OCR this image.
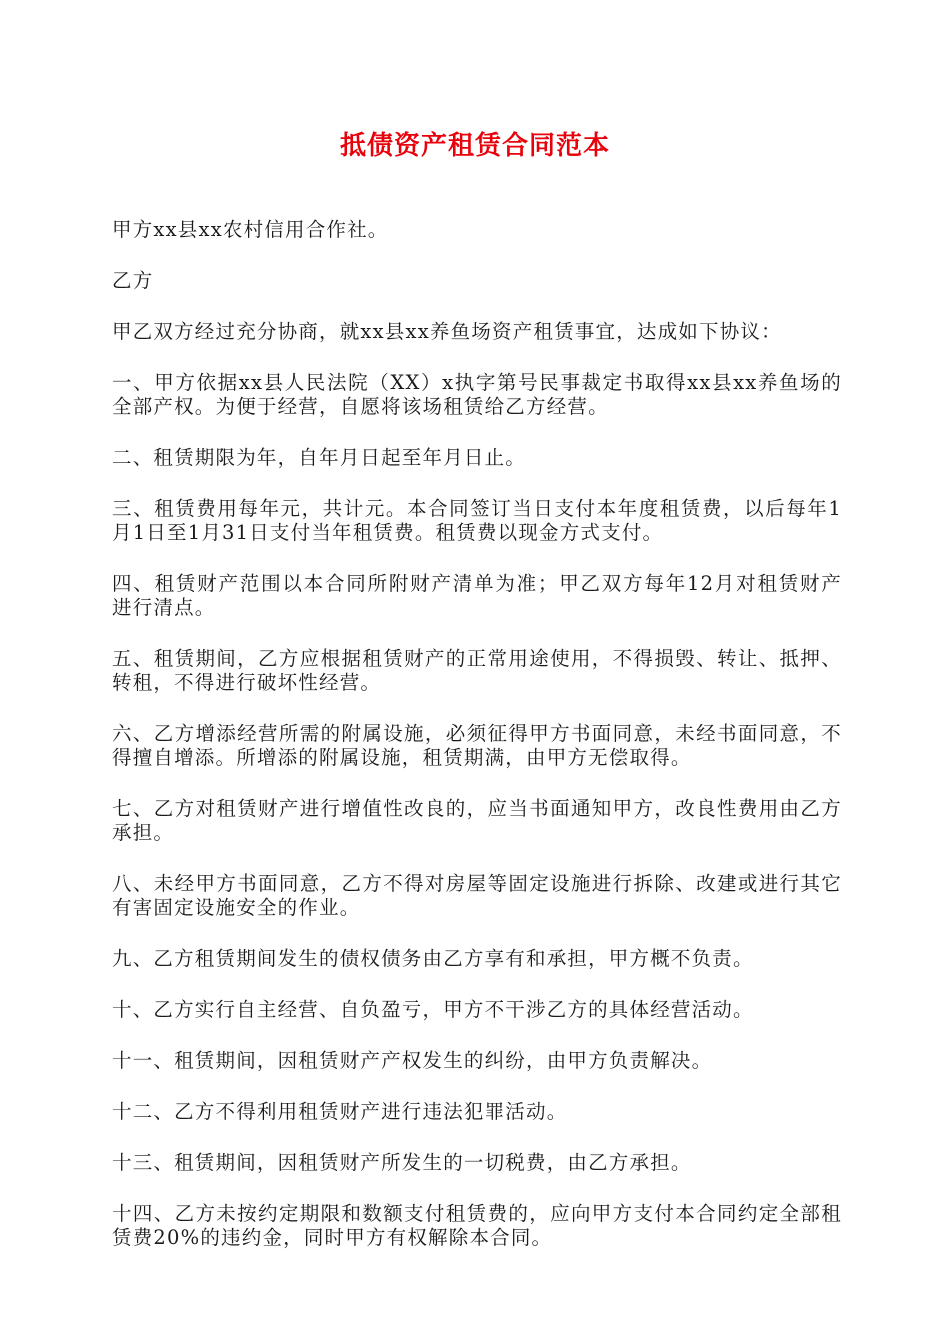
抵债资产租赁合同范本

甲方xx县xx农村信用合作社。

乙方

甲乙双方经过充分协商，就xx县xx养鱼场资产租赁事宜，达成如下协议：

一、甲方依据xx县人民法院（XX）x执字第号民事裁定书取得xx县xx养鱼场的全部产权。为便于经营，自愿将该场租赁给乙方经营。

二、租赁期限为年，自年月日起至年月日止。

三、租赁费用每年元，共计元。本合同签订当日支付本年度租赁费，以后每年1月1日至1月31日支付当年租赁费。租赁费以现金方式支付。

四、租赁财产范围以本合同所附财产清单为准；甲乙双方每年12月对租赁财产进行清点。

五、租赁期间，乙方应根据租赁财产的正常用途使用，不得损毁、转让、抵押、转租，不得进行破坏性经营。

六、乙方增添经营所需的附属设施，必须征得甲方书面同意，未经书面同意，不得擅自增添。所增添的附属设施，租赁期满，由甲方无偿取得。

七、乙方对租赁财产进行增值性改良的，应当书面通知甲方，改良性费用由乙方承担。

八、未经甲方书面同意，乙方不得对房屋等固定设施进行拆除、改建或进行其它有害固定设施安全的作业。

九、乙方租赁期间发生的债权债务由乙方享有和承担，甲方概不负责。

十、乙方实行自主经营、自负盈亏，甲方不干涉乙方的具体经营活动。

十一、租赁期间，因租赁财产产权发生的纠纷，由甲方负责解决。

十二、乙方不得利用租赁财产进行违法犯罪活动。

十三、租赁期间，因租赁财产所发生的一切税费，由乙方承担。

十四、乙方未按约定期限和数额支付租赁费的，应向甲方支付本合同约定全部租赁费20%的违约金，同时甲方有权解除本合同。
